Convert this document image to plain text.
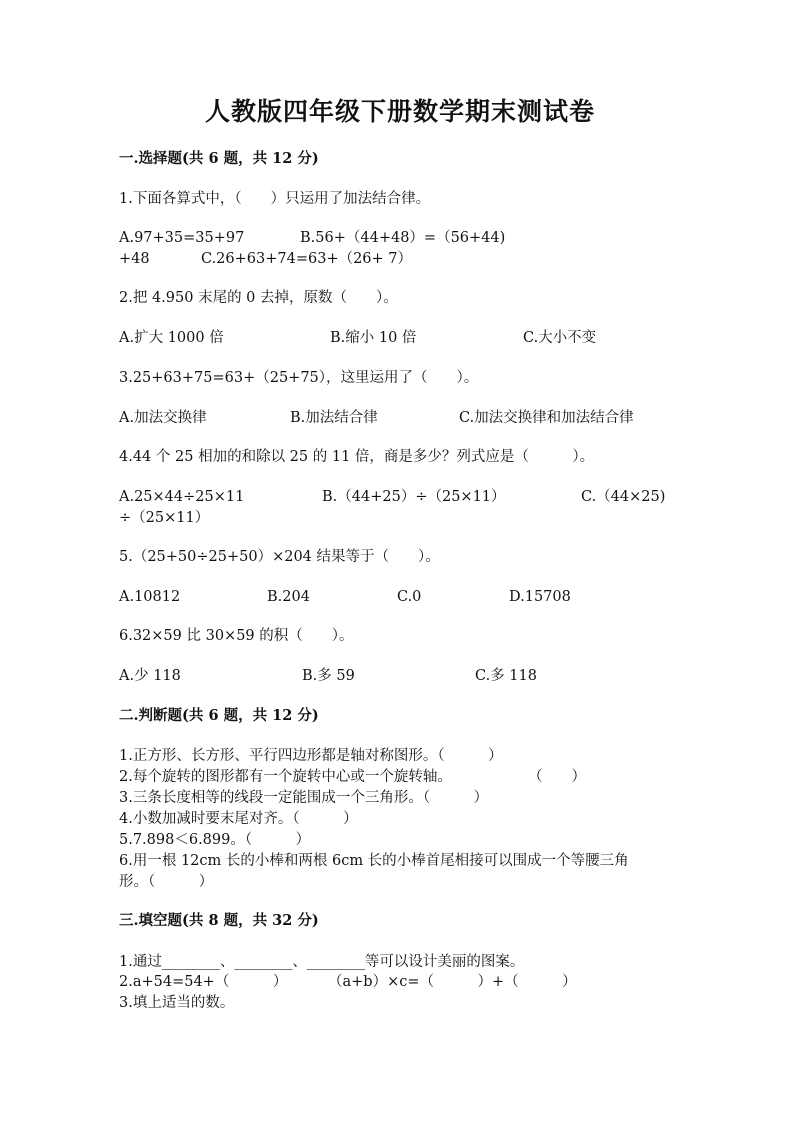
人教版四年级下册数学期末测试卷
一.选择题(共 6 题，共 12 分)
1.下面各算式中，（　　）只运用了加法结合律。
A.97+35=35+97	B.56+（44+48）=（56+44)
+48	C.26+63+74=63+（26+ 7）
2.把 4.950 末尾的 0 去掉，原数（　　）。
A.扩大 1000 倍	B.缩小 10 倍	C.大小不变
3.25+63+75=63+（25+75），这里运用了（　　）。
A.加法交换律	B.加法结合律	C.加法交换律和加法结合律
4.44 个 25 相加的和除以 25 的 11 倍，商是多少？列式应是（　　　）。
A.25×44÷25×11	B.（44+25）÷（25×11）	C.（44×25)
÷（25×11）
5.（25+50÷25+50）×204 结果等于（　　）。
A.10812	B.204	C.0	D.15708
6.32×59 比 30×59 的积（　　）。
A.少 118	B.多 59	C.多 118
二.判断题(共 6 题，共 12 分)
1.正方形、长方形、平行四边形都是轴对称图形。（　　　）
2.每个旋转的图形都有一个旋转中心或一个旋转轴。	（　　）
3.三条长度相等的线段一定能围成一个三角形。（　　　）
4.小数加减时要末尾对齐。（　　　）
5.7.898＜6.899。（　　　）
6.用一根 12cm 长的小棒和两根 6cm 长的小棒首尾相接可以围成一个等腰三角
形。（　　　）
三.填空题(共 8 题，共 32 分)
1.通过________、________、________等可以设计美丽的图案。
2.a+54=54+（　　　）	（a+b）×c=（　　　）+（　　　）
3.填上适当的数。
